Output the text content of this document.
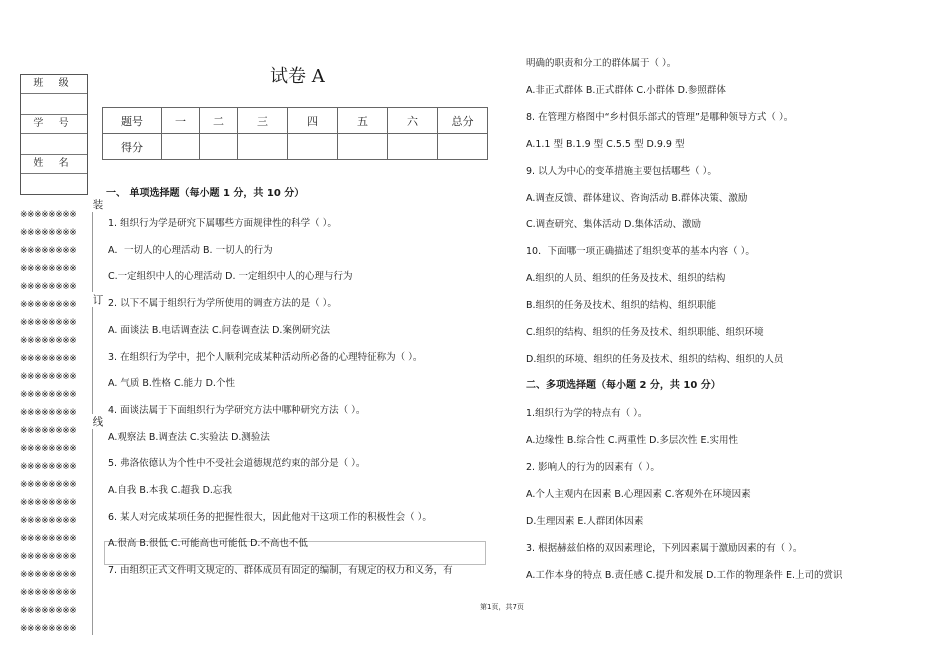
班 级
学 号
姓 名
※※※※※※※※
※※※※※※※※
※※※※※※※※
※※※※※※※※
※※※※※※※※
※※※※※※※※
※※※※※※※※
※※※※※※※※
※※※※※※※※
※※※※※※※※
※※※※※※※※
※※※※※※※※
※※※※※※※※
※※※※※※※※
※※※※※※※※
※※※※※※※※
※※※※※※※※
※※※※※※※※
※※※※※※※※
※※※※※※※※
※※※※※※※※
※※※※※※※※
※※※※※※※※
※※※※※※※※
装
订
线
试卷 A
题号	一	二	三	四	五	六	总分
得分							
一、 单项选择题（每小题 1 分，共 10 分）
1. 组织行为学是研究下属哪些方面规律性的科学（ ）。
A．一切人的心理活动 B. 一切人的行为
C.一定组织中人的心理活动 D. 一定组织中人的心理与行为
2. 以下不属于组织行为学所使用的调查方法的是（ ）。
A. 面谈法 B.电话调查法 C.问卷调查法 D.案例研究法
3. 在组织行为学中，把个人顺利完成某种活动所必备的心理特征称为（ ）。
A. 气质 B.性格 C.能力 D.个性
4. 面谈法属于下面组织行为学研究方法中哪种研究方法（ ）。
A.观察法 B.调查法 C.实验法 D.测验法
5. 弗洛依德认为个性中不受社会道德规范约束的部分是（ ）。
A.自我 B.本我 C.超我 D.忘我
6. 某人对完成某项任务的把握性很大，因此他对干这项工作的积极性会（ ）。
A.很高 B.很低 C.可能高也可能低 D.不高也不低
7. 由组织正式文件明文规定的、群体成员有固定的编制，有规定的权力和义务，有
明确的职责和分工的群体属于（ ）。
A.非正式群体 B.正式群体 C.小群体 D.参照群体
8. 在管理方格图中“乡村俱乐部式的管理”是哪种领导方式（ ）。
A.1.1 型 B.1.9 型 C.5.5 型 D.9.9 型
9. 以人为中心的变革措施主要包括哪些（ ）。
A.调查反馈、群体建议、咨询活动 B.群体决策、激励
C.调查研究、集体活动 D.集体活动、激励
10．下面哪一项正确描述了组织变革的基本内容（ ）。
A.组织的人员、组织的任务及技术、组织的结构
B.组织的任务及技术、组织的结构、组织职能
C.组织的结构、组织的任务及技术、组织职能、组织环境
D.组织的环境、组织的任务及技术、组织的结构、组织的人员
二、多项选择题（每小题 2 分，共 10 分）
1.组织行为学的特点有（ ）。
A.边缘性 B.综合性 C.两重性 D.多层次性 E.实用性
2. 影响人的行为的因素有（ ）。
A.个人主观内在因素 B.心理因素 C.客观外在环境因素
D.生理因素 E.人群团体因素
3. 根据赫兹伯格的双因素理论，下列因素属于激励因素的有（ ）。
A.工作本身的特点 B.责任感 C.提升和发展 D.工作的物理条件 E.上司的赏识
第1页，共7页
